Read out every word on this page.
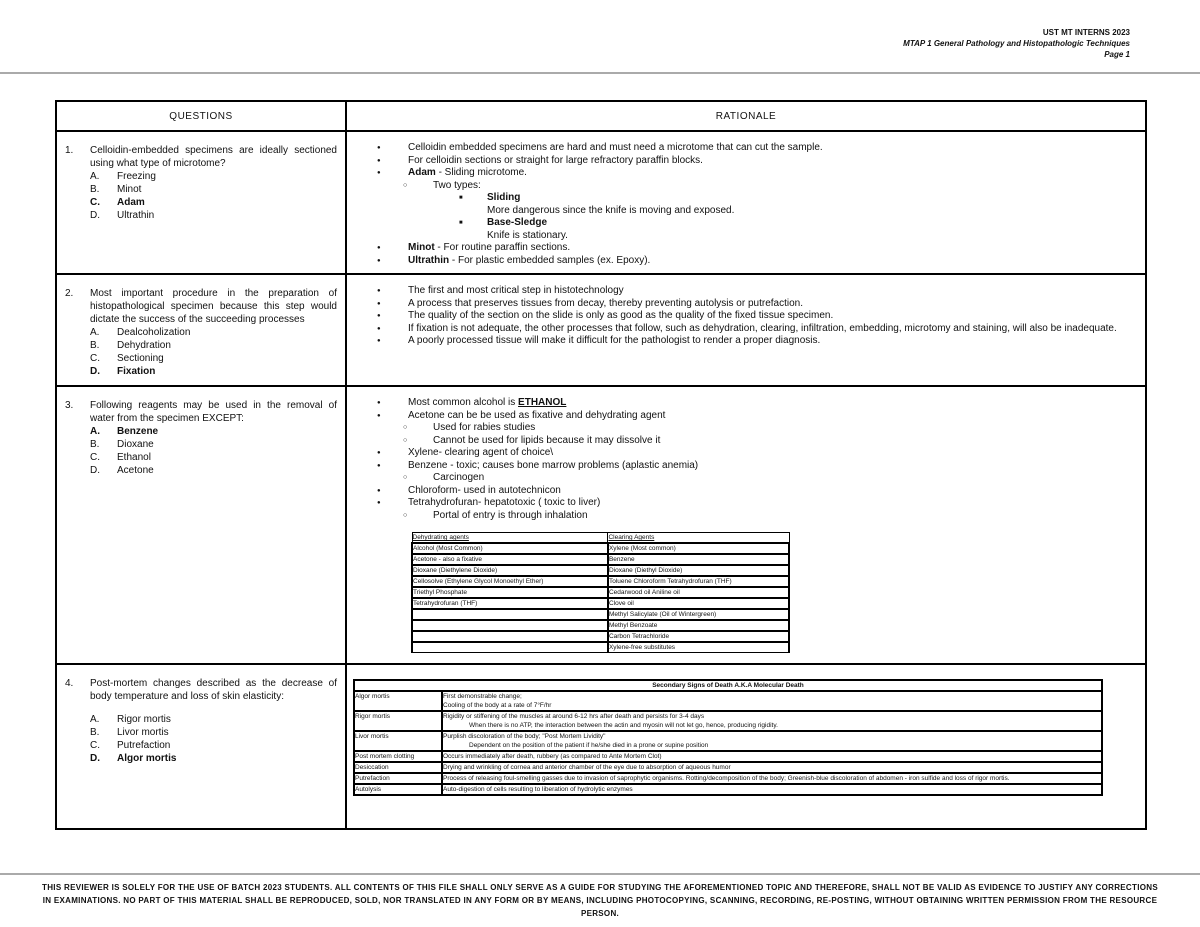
UST MT INTERNS 2023
MTAP 1 General Pathology and Histopathologic Techniques
Page 1
QUESTIONS	RATIONALE

1. Celloidin-embedded specimens are ideally sectioned using what type of microtome?
A. Freezing
B. Minot
C. Adam
D. Ultrathin

● Celloidin embedded specimens are hard and must need a microtome that can cut the sample.
● For celloidin sections or straight for large refractory paraffin blocks.
● Adam - Sliding microtome.
○ Two types:
■ Sliding
More dangerous since the knife is moving and exposed.
■ Base-Sledge
Knife is stationary.
● Minot - For routine paraffin sections.
● Ultrathin - For plastic embedded samples (ex. Epoxy).

2. Most important procedure in the preparation of histopathological specimen because this step would dictate the success of the succeeding processes
A. Dealcoholization
B. Dehydration
C. Sectioning
D. Fixation

● The first and most critical step in histotechnology
● A process that preserves tissues from decay, thereby preventing autolysis or putrefaction.
● The quality of the section on the slide is only as good as the quality of the fixed tissue specimen.
● If fixation is not adequate, the other processes that follow, such as dehydration, clearing, infiltration, embedding, microtomy and staining, will also be inadequate.
● A poorly processed tissue will make it difficult for the pathologist to render a proper diagnosis.

3. Following reagents may be used in the removal of water from the specimen EXCEPT:
A. Benzene
B. Dioxane
C. Ethanol
D. Acetone

● Most common alcohol is ETHANOL
● Acetone can be be used as fixative and dehydrating agent
○ Used for rabies studies
○ Cannot be used for lipids because it may dissolve it
● Xylene- clearing agent of choice\
● Benzene - toxic; causes bone marrow problems (aplastic anemia)
○ Carcinogen
● Chloroform- used in autotechnicon
● Tetrahydrofuran- hepatotoxic ( toxic to liver)
○ Portal of entry is through inhalation
Dehydrating agents	Clearing Agents
Alcohol (Most Common)	Xylene (Most common)
Acetone - also a fixative	Benzene
Dioxane (Diethylene Dioxide)	Dioxane (Diethyl Dioxide)
Cellosolve (Ethylene Glycol Monoethyl Ether)	Toluene Chloroform Tetrahydrofuran (THF)
Triethyl Phosphate	Cedarwood oil Aniline oil
Tetrahydrofuran (THF)	Clove oil
	Methyl Salicylate (Oil of Wintergreen)
	Methyl Benzoate
	Carbon Tetrachloride
	Xylene-free substitutes

4. Post-mortem changes described as the decrease of body temperature and loss of skin elasticity:
A. Rigor mortis
B. Livor mortis
C. Putrefaction
D. Algor mortis

Secondary Signs of Death A.K.A Molecular Death
Algor mortis	First demonstrable change;
Cooling of the body at a rate of 7°F/hr

Rigor mortis	Rigidity or stiffening of the muscles at around 6-12 hrs after death and persists for 3-4 days
When there is no ATP, the interaction between the actin and myosin will not let go, hence, producing rigidity.

Livor mortis	Purplish discoloration of the body; "Post Mortem Lividity"
Dependent on the position of the patient if he/she died in a prone or supine position

Post mortem clotting	Occurs immediately after death, rubbery (as compared to Ante Mortem Clot)
Desiccation	Drying and wrinkling of cornea and anterior chamber of the eye due to absorption of aqueous humor
Putrefaction	Process of releasing foul-smelling gasses due to invasion of saprophytic organisms. Rotting/decomposition of the body; Greenish-blue discoloration of abdomen - iron sulfide and loss of rigor mortis.
Autolysis	Auto-digestion of cells resulting to liberation of hydrolytic enzymes
THIS REVIEWER IS SOLELY FOR THE USE OF BATCH 2023 STUDENTS. ALL CONTENTS OF THIS FILE SHALL ONLY SERVE AS A GUIDE FOR STUDYING THE AFOREMENTIONED TOPIC AND THEREFORE, SHALL NOT BE VALID AS EVIDENCE TO JUSTIFY ANY CORRECTIONS IN EXAMINATIONS. NO PART OF THIS MATERIAL SHALL BE REPRODUCED, SOLD, NOR TRANSLATED IN ANY FORM OR BY MEANS, INCLUDING PHOTOCOPYING, SCANNING, RECORDING, RE-POSTING, WITHOUT OBTAINING WRITTEN PERMISSION FROM THE RESOURCE PERSON.
